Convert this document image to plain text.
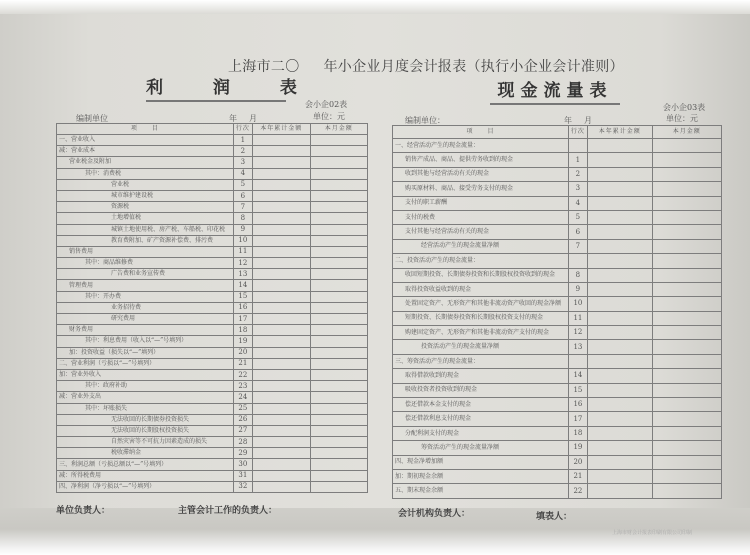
上海市二〇 年小企业月度会计报表（执行小企业会计准则）
利 润 表
会小企02表
单位：元
编制单位	年 月
项　　目	行次	本年累计金额	本月金额
一、营业收入	1		
减：营业成本	2		
营业税金及附加	3		
其中：消费税	4		
营业税	5		
城市维护建设税	6		
资源税	7		
土地增值税	8		
城镇土地使用税、房产税、车船税、印花税	9		
教育费附加、矿产资源补偿费、排污费	10		
销售费用	11		
其中：商品维修费	12		
广告费和业务宣传费	13		
管理费用	14		
其中：开办费	15		
业务招待费	16		
研究费用	17		
财务费用	18		
其中：利息费用（收入以“—”号填列）	19		
加：投资收益（损失以“—”填列）	20		
二、营业利润（亏损以“—”号填列）	21		
加：营业外收入	22		
其中：政府补助	23		
减：营业外支出	24		
其中：坏账损失	25		
无法收回的长期债券投资损失	26		
无法收回的长期股权投资损失	27		
自然灾害等不可抗力因素造成的损失	28		
税收滞纳金	29		
三、利润总额（亏损总额以“—”号填列）	30		
减：所得税费用	31		
四、净利润（净亏损以“—”号填列）	32		
现金流量表
会小企03表
单位：元
编制单位：	年 月
项　　目	行次	本年累计金额	本月金额
一、经营活动产生的现金流量：			
销售产成品、商品、提供劳务收到的现金	1		
收到其他与经营活动有关的现金	2		
购买原材料、商品、接受劳务支付的现金	3		
支付的职工薪酬	4		
支付的税费	5		
支付其他与经营活动有关的现金	6		
经营活动产生的现金流量净额	7		
二、投资活动产生的现金流量：			
收回短期投资、长期债券投资和长期股权投资收到的现金	8		
取得投资收益收到的现金	9		
处置固定资产、无形资产和其他非流动资产收回的现金净额	10		
短期投资、长期债券投资和长期股权投资支付的现金	11		
购建固定资产、无形资产和其他非流动资产支付的现金	12		
投资活动产生的现金流量净额	13		
三、筹资活动产生的现金流量：			
取得借款收到的现金	14		
吸收投资者投资收到的现金	15		
偿还借款本金支付的现金	16		
偿还借款利息支付的现金	17		
分配利润支付的现金	18		
筹资活动产生的现金流量净额	19		
四、现金净增加额	20		
加：期初现金余额	21		
五、期末现金余额	22		
单位负责人：	主管会计工作的负责人：	会计机构负责人：	填表人：
上海市财会计报表印刷有限公司印制
